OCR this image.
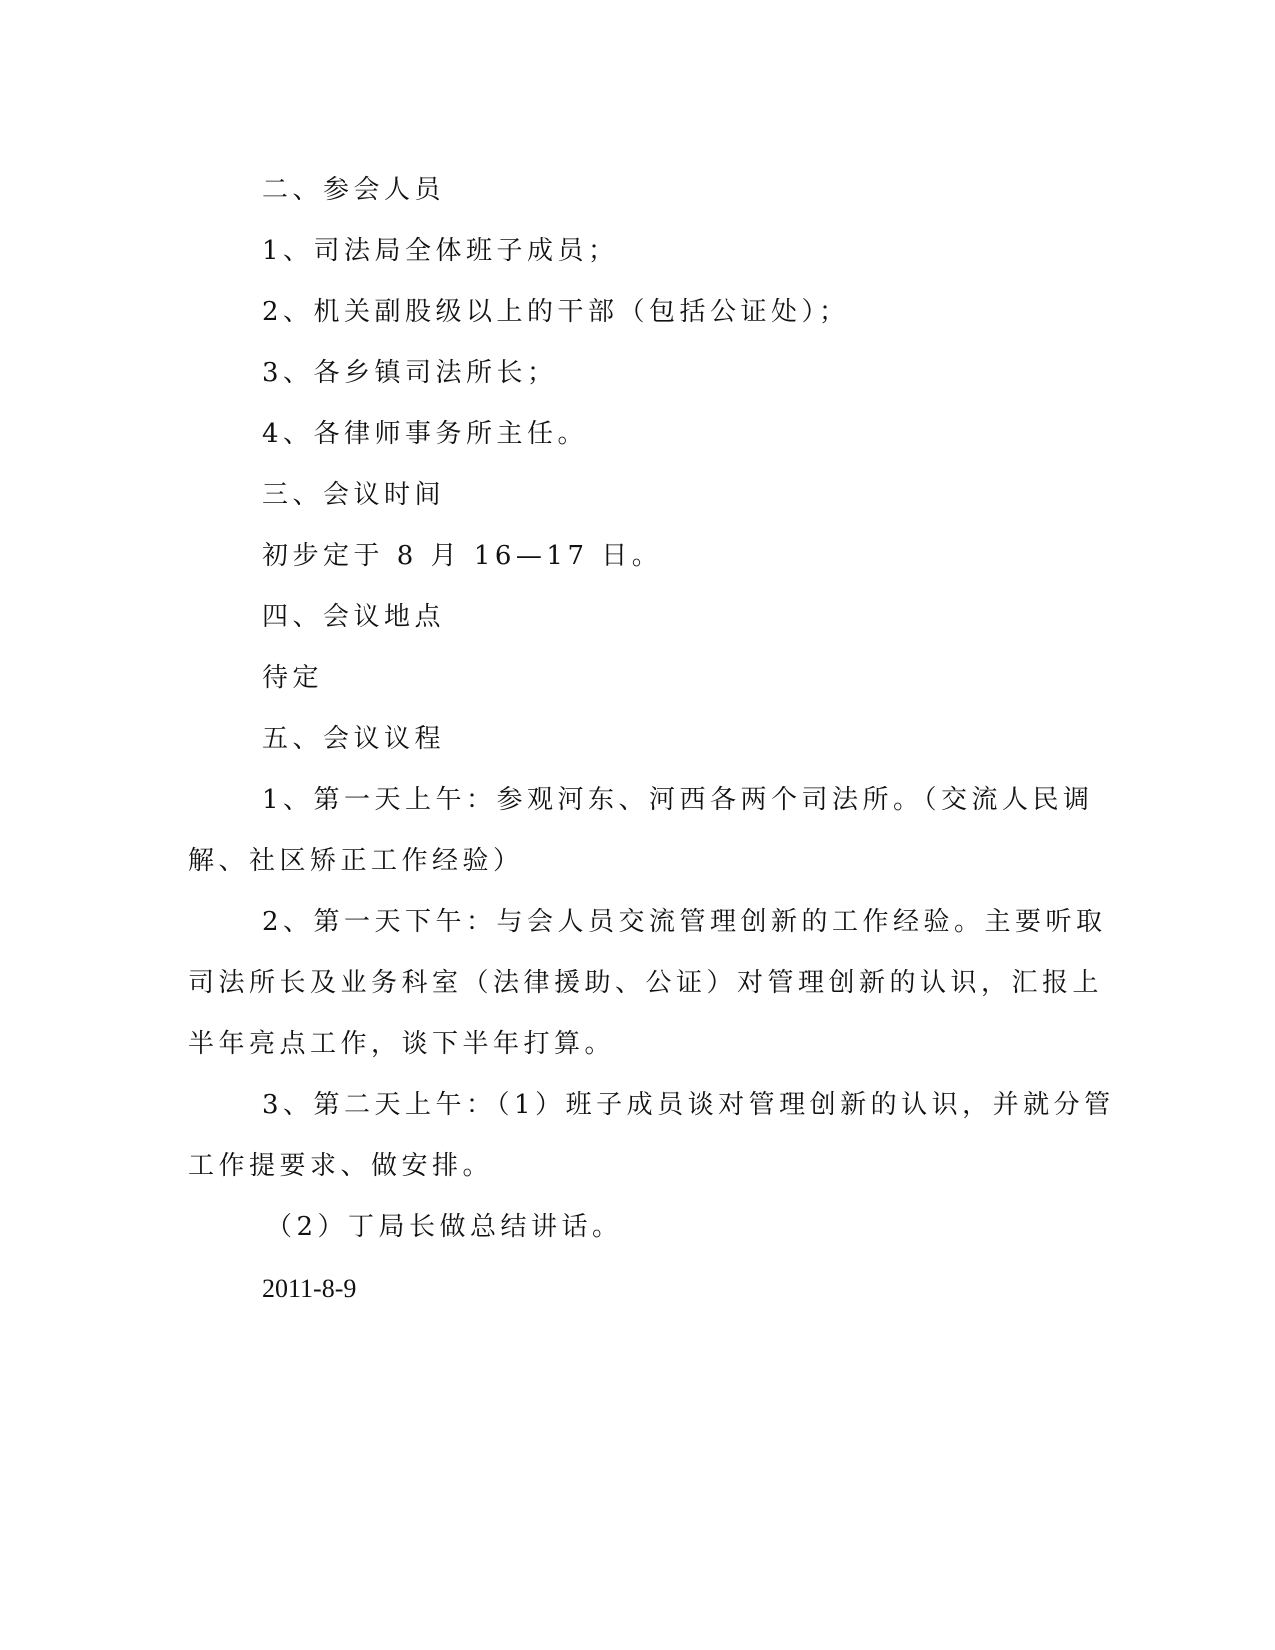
二、参会人员

1、司法局全体班子成员；

2、机关副股级以上的干部（包括公证处）；

3、各乡镇司法所长；

4、各律师事务所主任。

三、会议时间

初步定于 8 月 16—17 日。

四、会议地点

待定

五、会议议程

1、第一天上午：参观河东、河西各两个司法所。（交流人民调

解、社区矫正工作经验）

2、第一天下午：与会人员交流管理创新的工作经验。主要听取

司法所长及业务科室（法律援助、公证）对管理创新的认识，汇报上

半年亮点工作，谈下半年打算。

3、第二天上午：（1）班子成员谈对管理创新的认识，并就分管

工作提要求、做安排。

（2）丁局长做总结讲话。

2011-8-9
